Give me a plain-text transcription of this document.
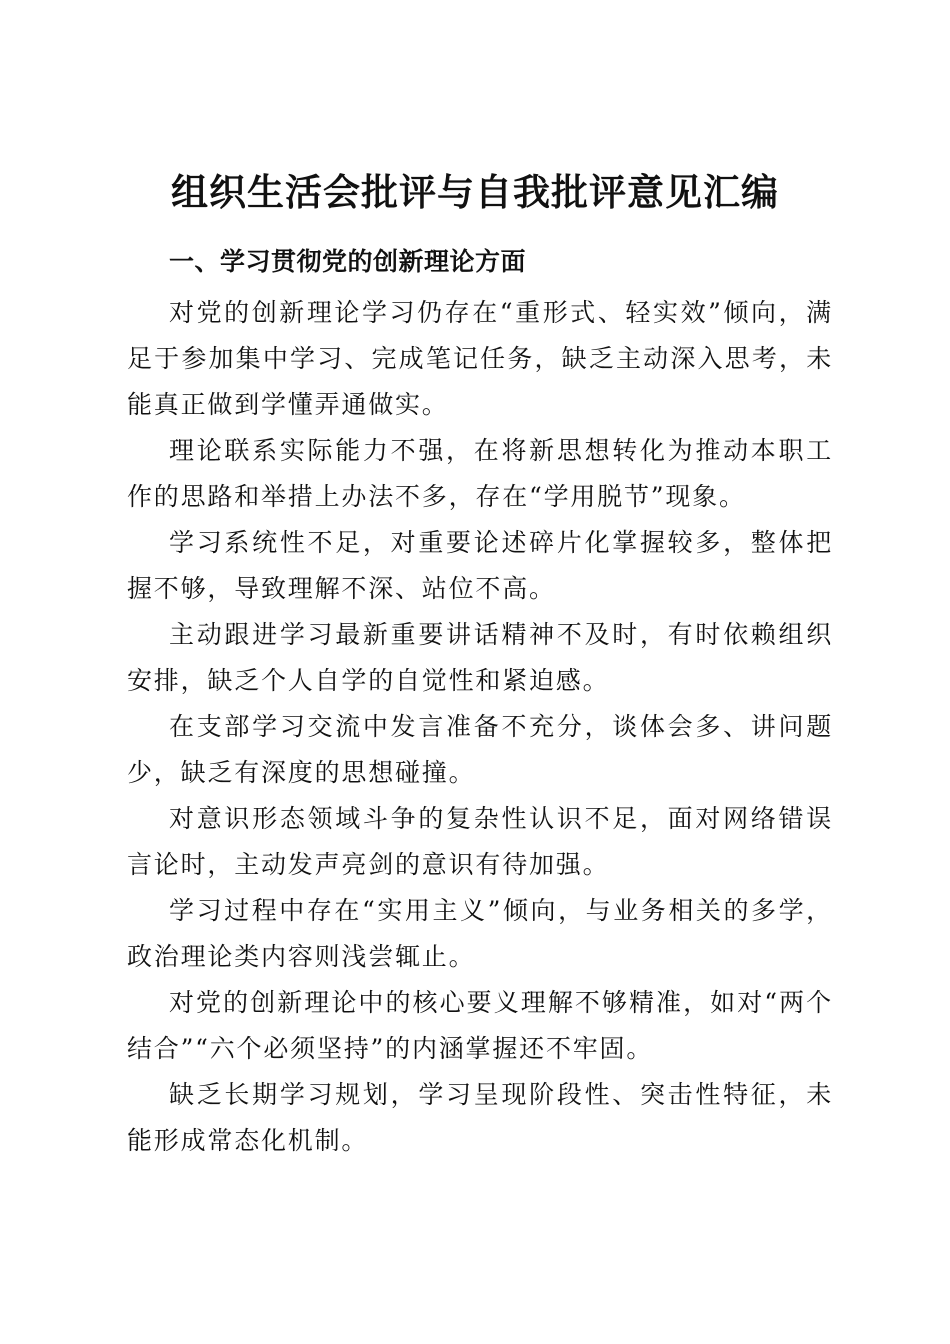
组织生活会批评与自我批评意见汇编
一、学习贯彻党的创新理论方面

对党的创新理论学习仍存在“重形式、轻实效”倾向，满足于参加集中学习、完成笔记任务，缺乏主动深入思考，未能真正做到学懂弄通做实。

理论联系实际能力不强，在将新思想转化为推动本职工作的思路和举措上办法不多，存在“学用脱节”现象。

学习系统性不足，对重要论述碎片化掌握较多，整体把握不够，导致理解不深、站位不高。

主动跟进学习最新重要讲话精神不及时，有时依赖组织安排，缺乏个人自学的自觉性和紧迫感。

在支部学习交流中发言准备不充分，谈体会多、讲问题少，缺乏有深度的思想碰撞。

对意识形态领域斗争的复杂性认识不足，面对网络错误言论时，主动发声亮剑的意识有待加强。

学习过程中存在“实用主义”倾向，与业务相关的多学，政治理论类内容则浅尝辄止。

对党的创新理论中的核心要义理解不够精准，如对“两个结合”“六个必须坚持”的内涵掌握还不牢固。

缺乏长期学习规划，学习呈现阶段性、突击性特征，未能形成常态化机制。
